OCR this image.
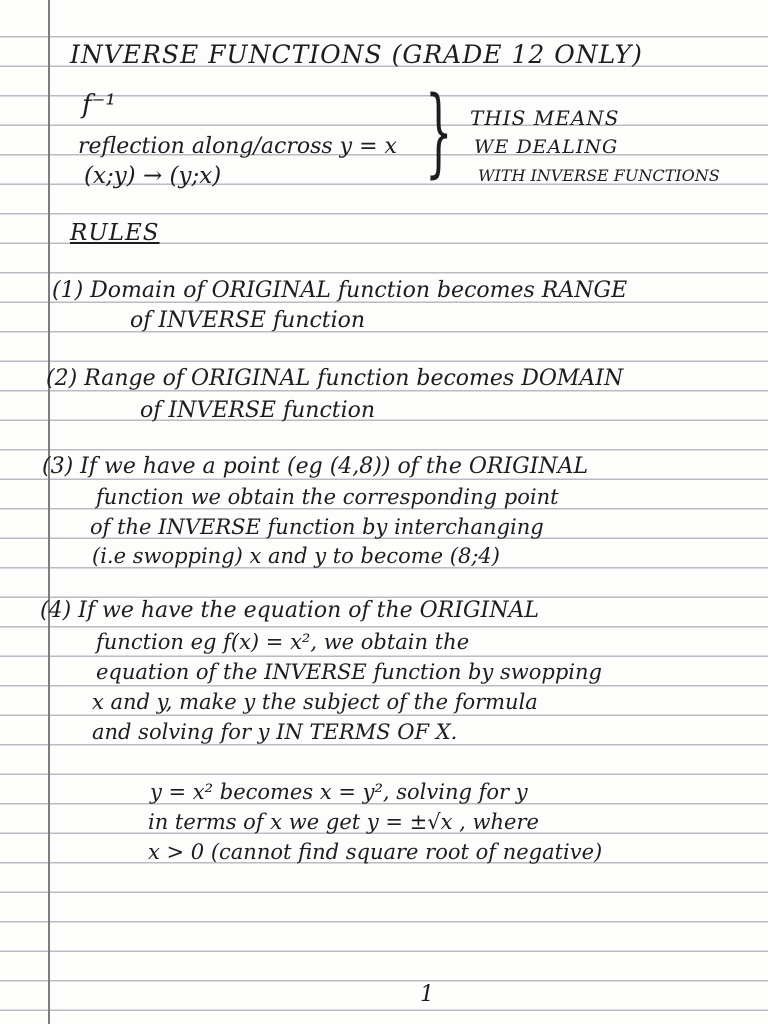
INVERSE FUNCTIONS (GRADE 12 ONLY)
f⁻¹
reflection along/across y = x
(x;y) → (y;x) } THIS MEANS
WE DEALING
WITH INVERSE FUNCTIONS
RULES
(1) Domain of ORIGINAL function becomes RANGE
of INVERSE function
(2) Range of ORIGINAL function becomes DOMAIN
of INVERSE function
(3) If we have a point (eg (4,8)) of the ORIGINAL
function we obtain the corresponding point
of the INVERSE function by interchanging
(i.e swopping) x and y to become (8;4)
(4) If we have the equation of the ORIGINAL
function eg f(x) = x², we obtain the
equation of the INVERSE function by swopping
x and y, make y the subject of the formula
and solving for y IN TERMS OF X.
y = x² becomes x = y², solving for y
in terms of x we get y = ±√x , where
x > 0 (cannot find square root of negative)
1
